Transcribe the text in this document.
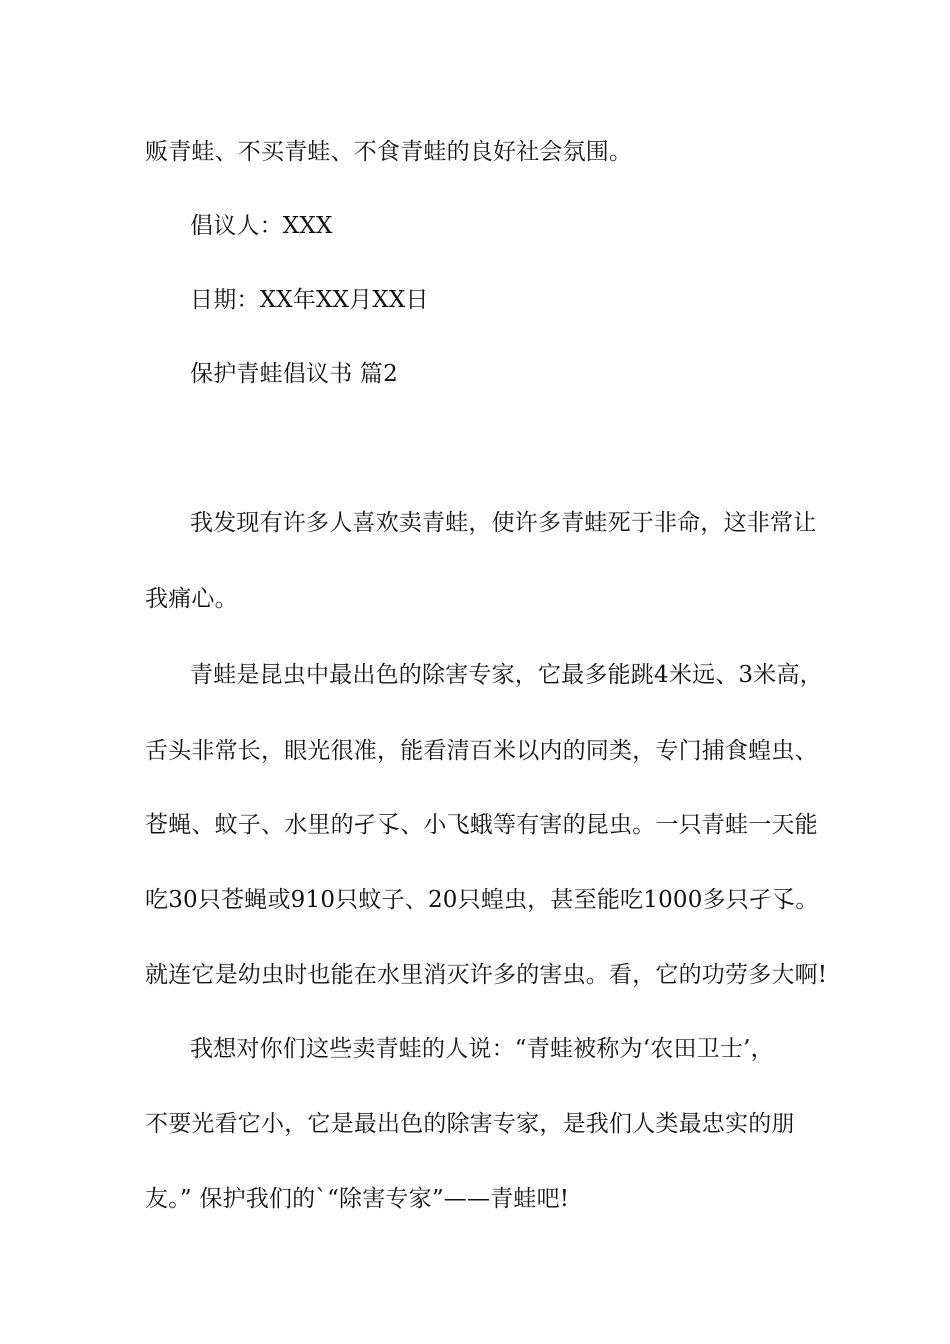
贩青蛙、不买青蛙、不食青蛙的良好社会氛围。
倡议人：XXX
日期：XX年XX月XX日
保护青蛙倡议书 篇2
我发现有许多人喜欢卖青蛙，使许多青蛙死于非命，这非常让
我痛心。
青蛙是昆虫中最出色的除害专家，它最多能跳4米远、3米高，
舌头非常长，眼光很准，能看清百米以内的同类，专门捕食蝗虫、
苍蝇、蚊子、水里的孑孓、小飞蛾等有害的昆虫。一只青蛙一天能
吃30只苍蝇或910只蚊子、20只蝗虫，甚至能吃1000多只孑孓。
就连它是幼虫时也能在水里消灭许多的害虫。看，它的功劳多大啊!
我想对你们这些卖青蛙的人说：“青蛙被称为‘农田卫士’，
不要光看它小，它是最出色的除害专家，是我们人类最忠实的朋
友。” 保护我们的`“除害专家”——青蛙吧!
